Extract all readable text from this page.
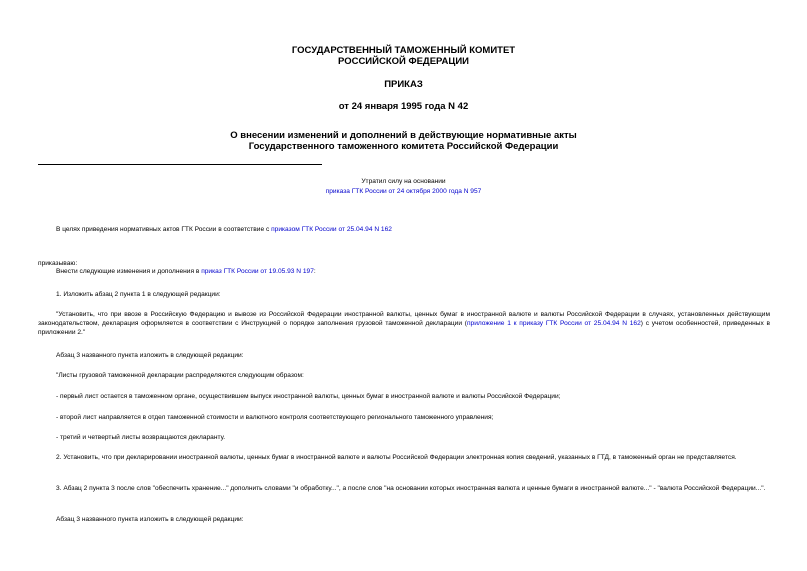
ГОСУДАРСТВЕННЫЙ ТАМОЖЕННЫЙ КОМИТЕТ
РОССИЙСКОЙ ФЕДЕРАЦИИ
ПРИКАЗ
от 24 января 1995 года N 42
О внесении изменений и дополнений в действующие нормативные акты
Государственного таможенного комитета Российской Федерации
Утратил силу на основании
приказа ГТК России от 24 октября 2000 года N 957
В целях приведения нормативных актов ГТК России в соответствие с приказом ГТК России от 25.04.94 N 162
приказываю:
Внести следующие изменения и дополнения в приказ ГТК России от 19.05.93 N 197:
1. Изложить абзац 2 пункта 1 в следующей редакции:
"Установить, что при ввозе в Российскую Федерацию и вывозе из Российской Федерации иностранной валюты, ценных бумаг в иностранной валюте и валюты Российской Федерации в случаях, установленных действующим законодательством, декларация оформляется в соответствии с Инструкцией о порядке заполнения грузовой таможенной декларации (приложение 1 к приказу ГТК России от 25.04.94 N 162) с учетом особенностей, приведенных в приложении 2."
Абзац 3 названного пункта изложить в следующей редакции:
"Листы грузовой таможенной декларации распределяются следующим образом:
- первый лист остается в таможенном органе, осуществившем выпуск иностранной валюты, ценных бумаг в иностранной валюте и валюты Российской Федерации;
- второй лист направляется в отдел таможенной стоимости и валютного контроля соответствующего регионального таможенного управления;
- третий и четвертый листы возвращаются декларанту.
2. Установить, что при декларировании иностранной валюты, ценных бумаг в иностранной валюте и валюты Российской Федерации электронная копия сведений, указанных в ГТД, в таможенный орган не представляется.
3. Абзац 2 пункта 3 после слов "обеспечить хранение..." дополнить словами "и обработку...", а после слов "на основании которых иностранная валюта и ценные бумаги в иностранной валюте..." - "валюта Российской Федерации...".
Абзац 3 названного пункта изложить в следующей редакции:
